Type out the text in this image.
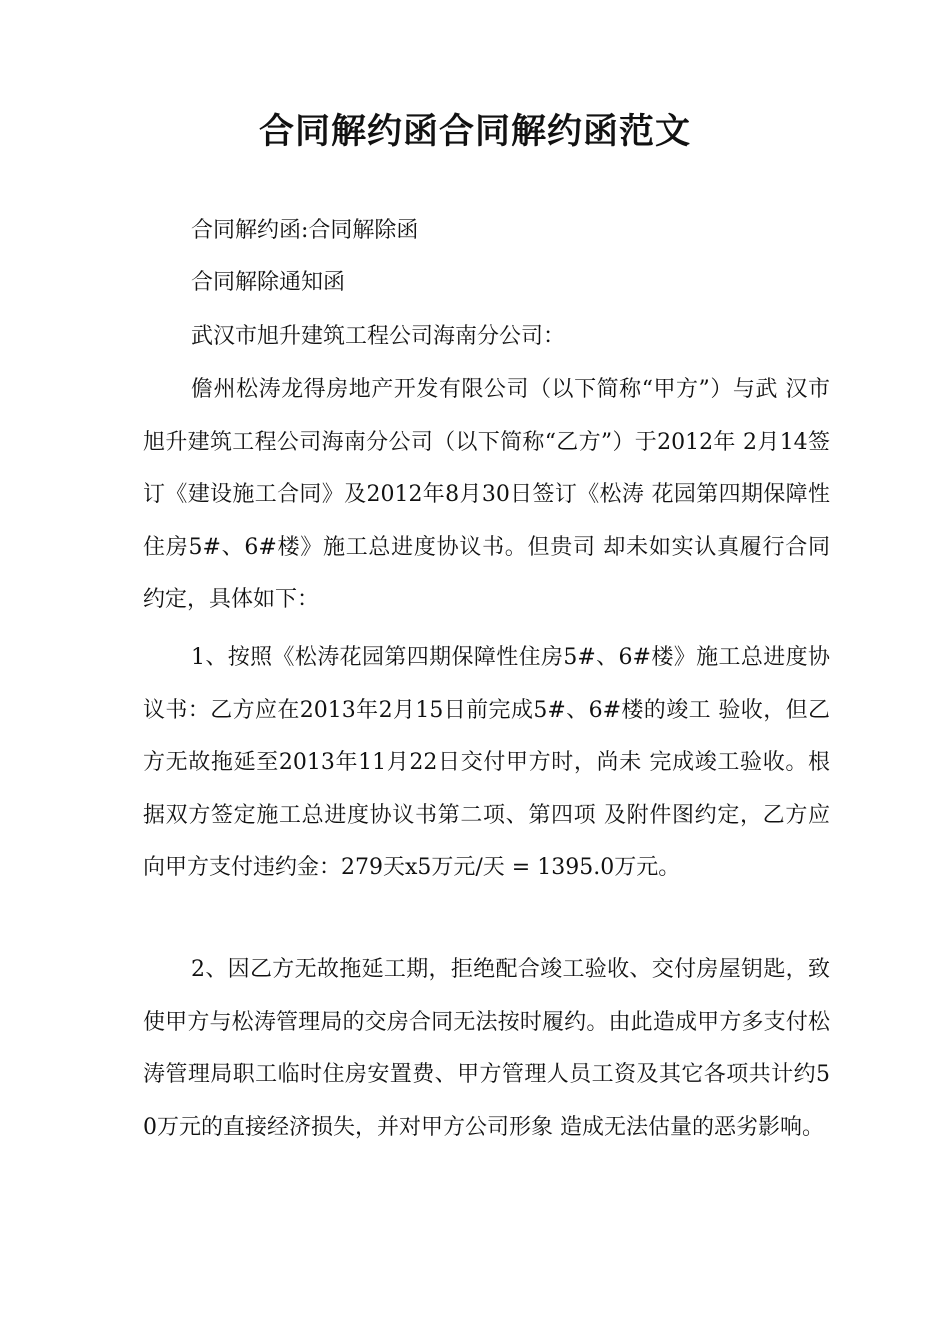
合同解约函合同解约函范文
合同解约函:合同解除函
合同解除通知函
武汉市旭升建筑工程公司海南分公司：

儋州松涛龙得房地产开发有限公司（以下简称“甲方”）与武 汉市旭升建筑工程公司海南分公司（以下简称“乙方”）于2012年 2月14签订《建设施工合同》及2012年8月30日签订《松涛 花园第四期保障性住房5#、6#楼》施工总进度协议书。但贵司 却未如实认真履行合同约定，具体如下：

1、按照《松涛花园第四期保障性住房5#、6#楼》施工总进度协议书：乙方应在2013年2月15日前完成5#、6#楼的竣工 验收，但乙方无故拖延至2013年11月22日交付甲方时，尚未 完成竣工验收。根据双方签定施工总进度协议书第二项、第四项 及附件图约定，乙方应向甲方支付违约金：279天x5万元/天 = 1395.0万元。

2、因乙方无故拖延工期，拒绝配合竣工验收、交付房屋钥匙，致使甲方与松涛管理局的交房合同无法按时履约。由此造成甲方多支付松涛管理局职工临时住房安置费、甲方管理人员工资及其它各项共计约50万元的直接经济损失，并对甲方公司形象 造成无法估量的恶劣影响。
